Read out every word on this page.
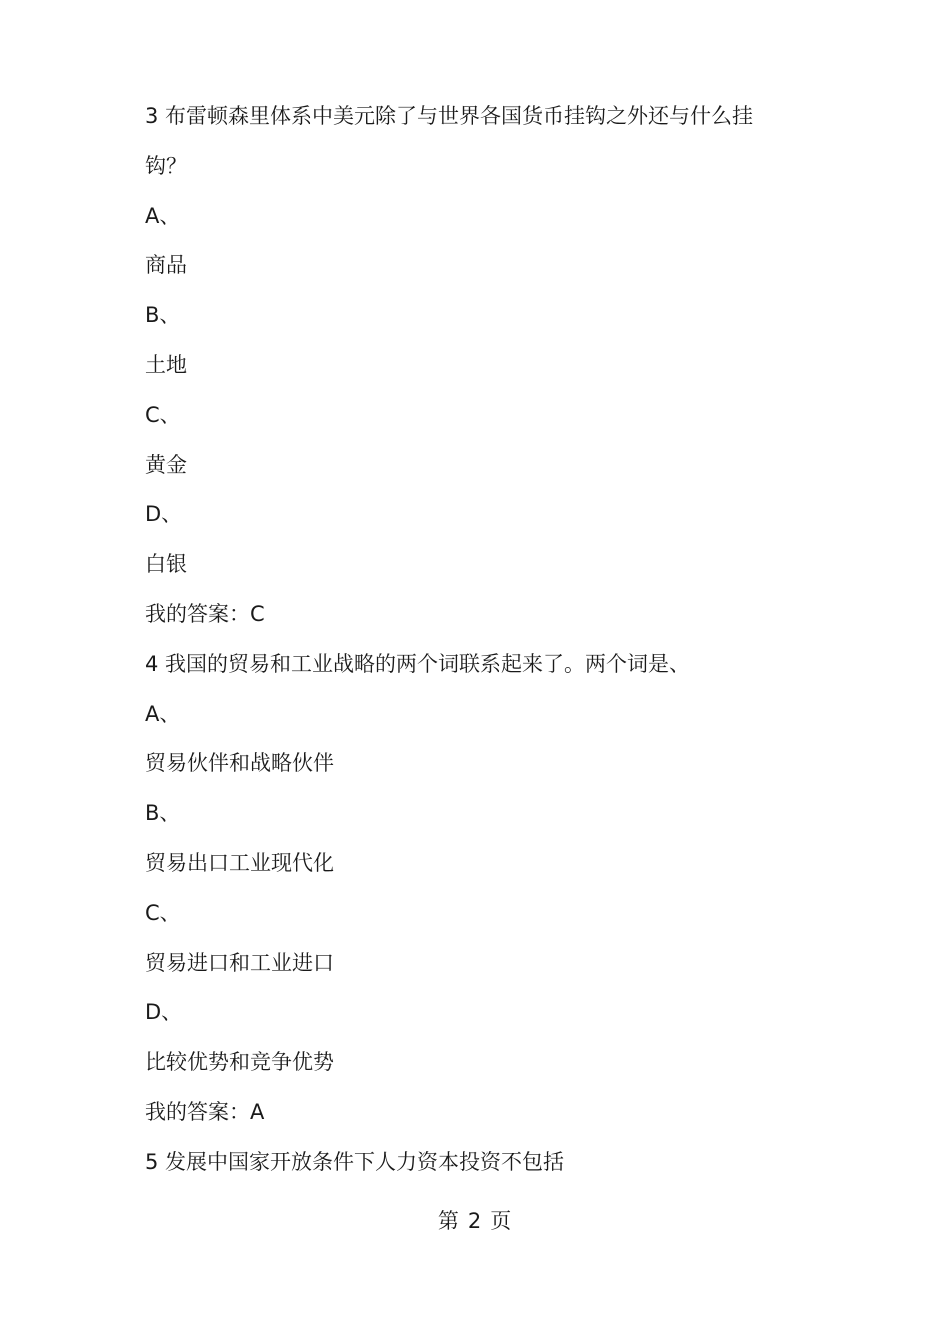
3 布雷顿森里体系中美元除了与世界各国货币挂钩之外还与什么挂
钩？
A、
商品
B、
土地
C、
黄金
D、
白银
我的答案：C
4 我国的贸易和工业战略的两个词联系起来了。两个词是、
A、
贸易伙伴和战略伙伴
B、
贸易出口工业现代化
C、
贸易进口和工业进口
D、
比较优势和竞争优势
我的答案：A
5 发展中国家开放条件下人力资本投资不包括
第 2 页
